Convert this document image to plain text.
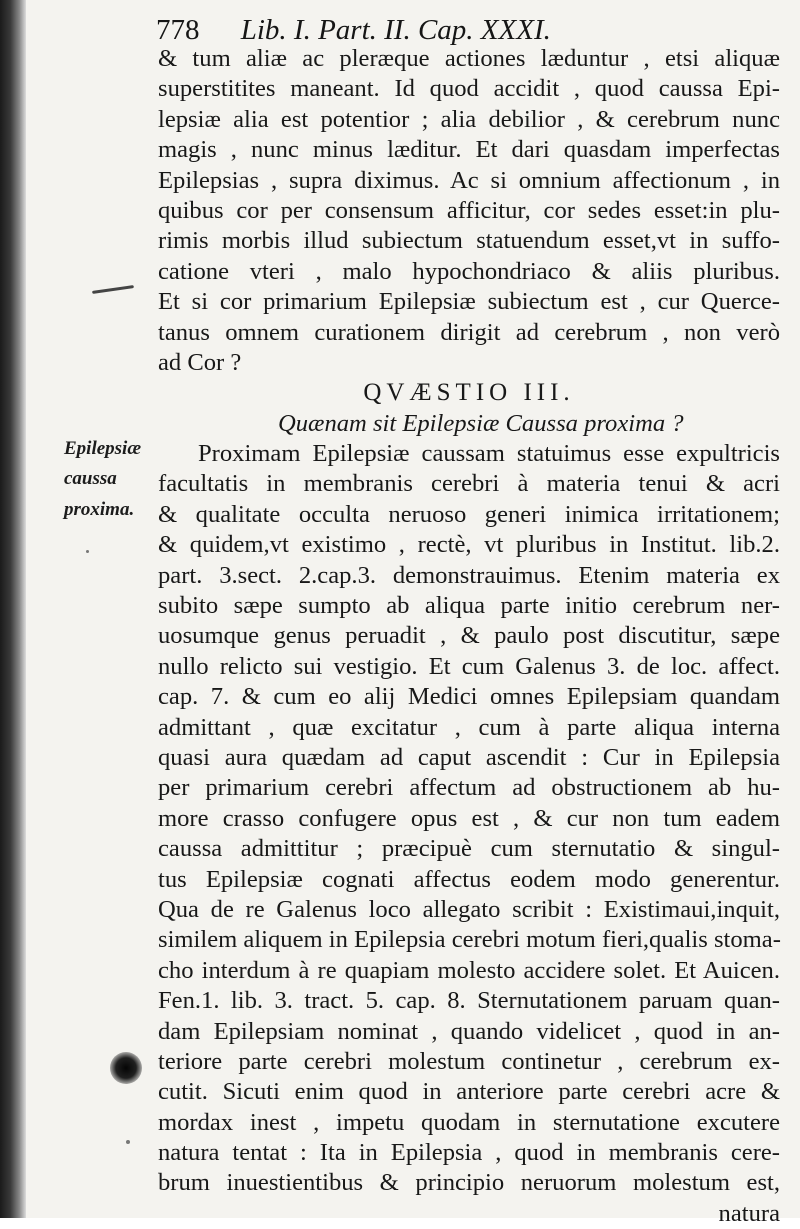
778 Lib. I. Part. II. Cap. XXXI.
Epilepsiæ
caussa
proxima.
& tum aliæ ac pleræque actiones læduntur , etsi aliquæ
superstitites maneant. Id quod accidit , quod caussa Epi-
lepsiæ alia est potentior ; alia debilior , & cerebrum nunc
magis , nunc minus læditur. Et dari quasdam imperfectas
Epilepsias , supra diximus. Ac si omnium affectionum , in
quibus cor per consensum afficitur, cor sedes esset:in plu-
rimis morbis illud subiectum statuendum esset,vt in suffo-
catione vteri , malo hypochondriaco & aliis pluribus.
Et si cor primarium Epilepsiæ subiectum est , cur Querce-
tanus omnem curationem dirigit ad cerebrum , non verò
ad Cor ?
QVÆSTIO III.
Quænam sit Epilepsiæ Caussa proxima ?
Proximam Epilepsiæ caussam statuimus esse expultricis
facultatis in membranis cerebri à materia tenui & acri
& qualitate occulta neruoso generi inimica irritationem;
& quidem,vt existimo , rectè, vt pluribus in Institut. lib.2.
part. 3.sect. 2.cap.3. demonstrauimus. Etenim materia ex
subito sæpe sumpto ab aliqua parte initio cerebrum ner-
uosumque genus peruadit , & paulo post discutitur, sæpe
nullo relicto sui vestigio. Et cum Galenus 3. de loc. affect.
cap. 7. & cum eo alij Medici omnes Epilepsiam quandam
admittant , quæ excitatur , cum à parte aliqua interna
quasi aura quædam ad caput ascendit : Cur in Epilepsia
per primarium cerebri affectum ad obstructionem ab hu-
more crasso confugere opus est , & cur non tum eadem
caussa admittitur ; præcipuè cum sternutatio & singul-
tus Epilepsiæ cognati affectus eodem modo generentur.
Qua de re Galenus loco allegato scribit : Existimaui,inquit,
similem aliquem in Epilepsia cerebri motum fieri,qualis stoma-
cho interdum à re quapiam molesto accidere solet. Et Auicen.
Fen.1. lib. 3. tract. 5. cap. 8. Sternutationem paruam quan-
dam Epilepsiam nominat , quando videlicet , quod in an-
teriore parte cerebri molestum continetur , cerebrum ex-
cutit. Sicuti enim quod in anteriore parte cerebri acre &
mordax inest , impetu quodam in sternutatione excutere
natura tentat : Ita in Epilepsia , quod in membranis cere-
brum inuestientibus & principio neruorum molestum est,
natura
